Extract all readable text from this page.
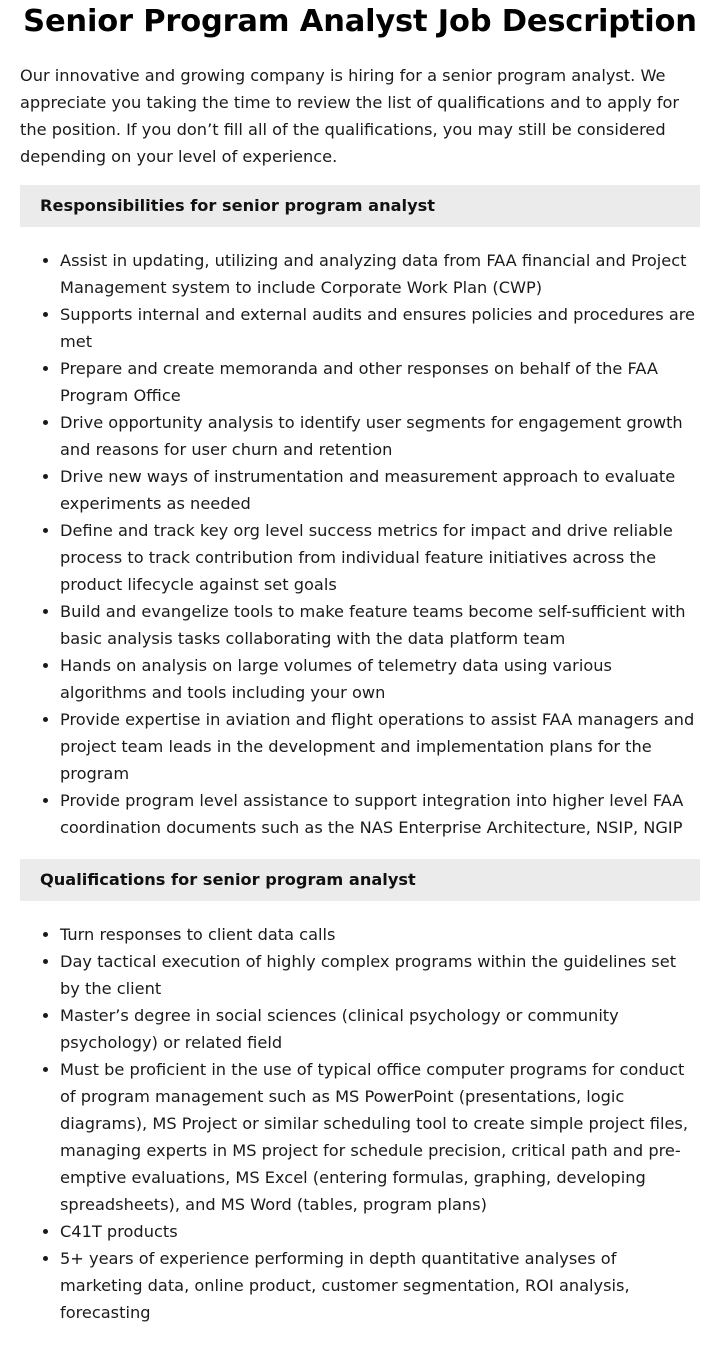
Senior Program Analyst Job Description

Our innovative and growing company is hiring for a senior program analyst. We appreciate you taking the time to review the list of qualifications and to apply for the position. If you don’t fill all of the qualifications, you may still be considered depending on your level of experience.

Responsibilities for senior program analyst
• Assist in updating, utilizing and analyzing data from FAA financial and Project Management system to include Corporate Work Plan (CWP)
• Supports internal and external audits and ensures policies and procedures are met
• Prepare and create memoranda and other responses on behalf of the FAA Program Office
• Drive opportunity analysis to identify user segments for engagement growth and reasons for user churn and retention
• Drive new ways of instrumentation and measurement approach to evaluate experiments as needed
• Define and track key org level success metrics for impact and drive reliable process to track contribution from individual feature initiatives across the product lifecycle against set goals
• Build and evangelize tools to make feature teams become self-sufficient with basic analysis tasks collaborating with the data platform team
• Hands on analysis on large volumes of telemetry data using various algorithms and tools including your own
• Provide expertise in aviation and flight operations to assist FAA managers and project team leads in the development and implementation plans for the program
• Provide program level assistance to support integration into higher level FAA coordination documents such as the NAS Enterprise Architecture, NSIP, NGIP
Qualifications for senior program analyst
• Turn responses to client data calls
• Day tactical execution of highly complex programs within the guidelines set by the client
• Master’s degree in social sciences (clinical psychology or community psychology) or related field
• Must be proficient in the use of typical office computer programs for conduct of program management such as MS PowerPoint (presentations, logic diagrams), MS Project or similar scheduling tool to create simple project files, managing experts in MS project for schedule precision, critical path and pre-emptive evaluations, MS Excel (entering formulas, graphing, developing spreadsheets), and MS Word (tables, program plans)
• C41T products
• 5+ years of experience performing in depth quantitative analyses of marketing data, online product, customer segmentation, ROI analysis, forecasting
